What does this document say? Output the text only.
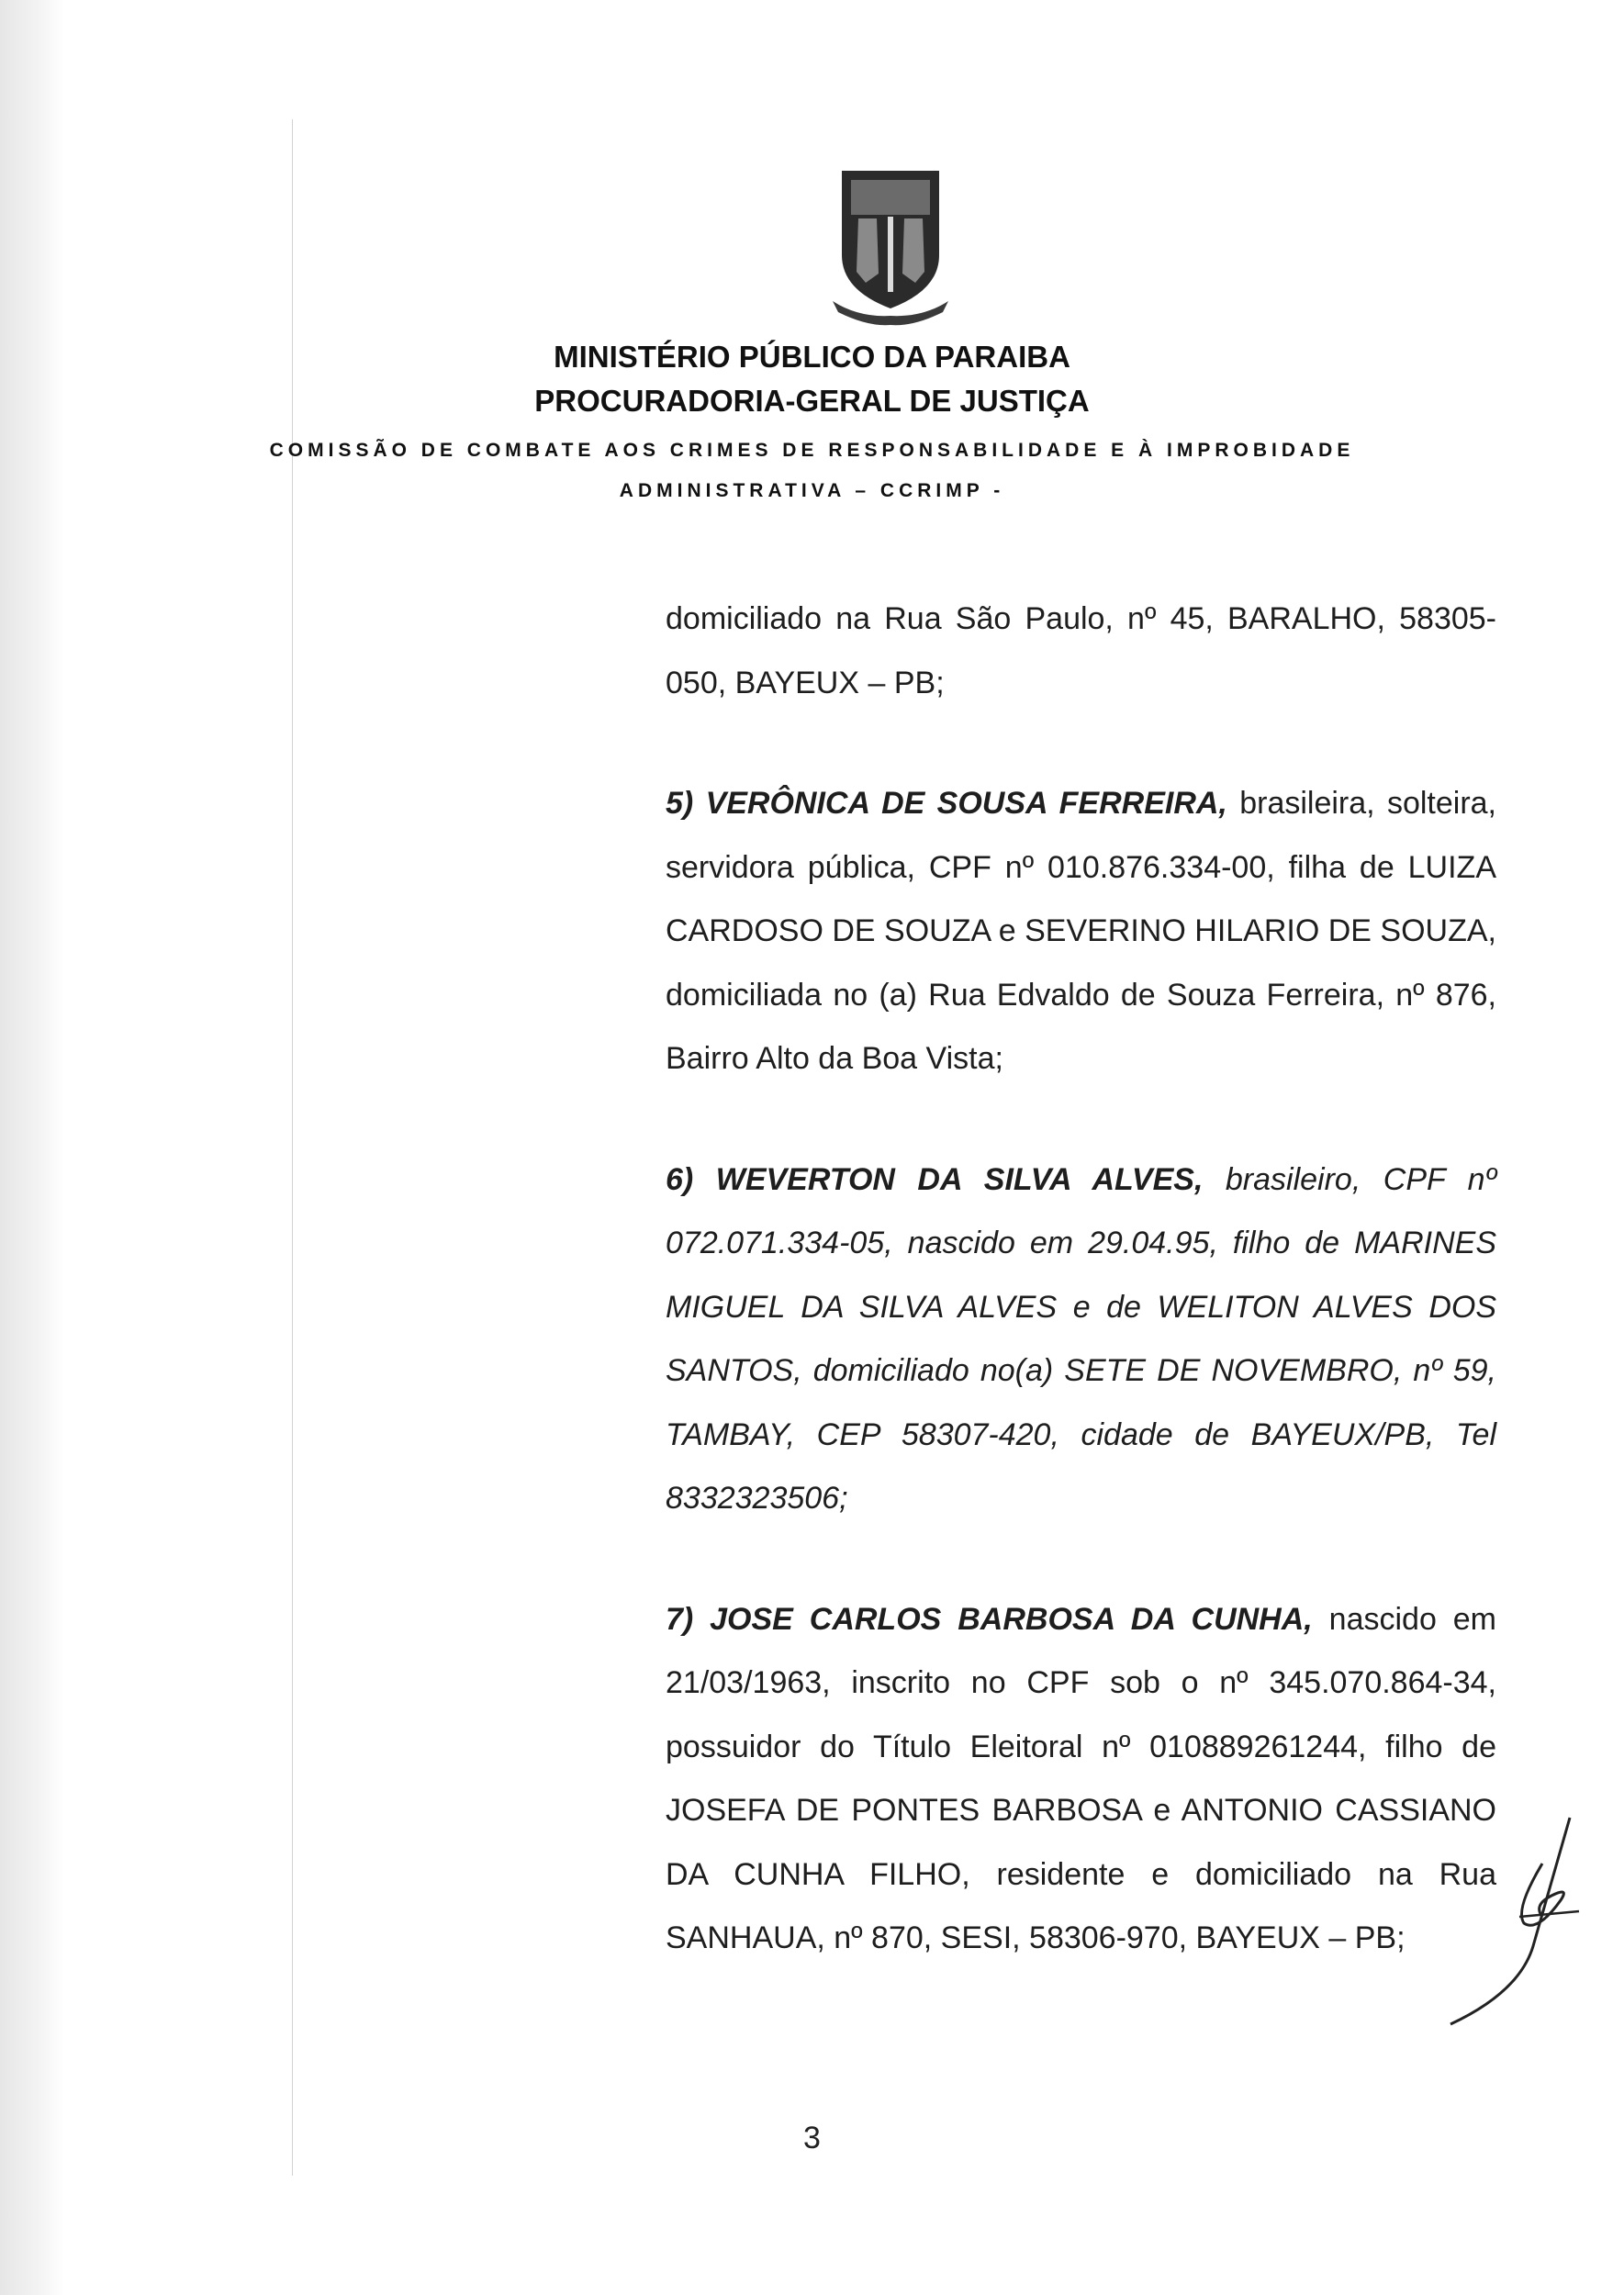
MINISTÉRIO PÚBLICO DA PARAIBA
PROCURADORIA-GERAL DE JUSTIÇA
COMISSÃO DE COMBATE AOS CRIMES DE RESPONSABILIDADE E À IMPROBIDADE
ADMINISTRATIVA – CCRIMP -

domiciliado na Rua São Paulo, nº 45, BARALHO, 58305-050, BAYEUX – PB;

5) VERÔNICA DE SOUSA FERREIRA, brasileira, solteira, servidora pública, CPF nº 010.876.334-00, filha de LUIZA CARDOSO DE SOUZA e SEVERINO HILARIO DE SOUZA, domiciliada no (a) Rua Edvaldo de Souza Ferreira, nº 876, Bairro Alto da Boa Vista;

6) WEVERTON DA SILVA ALVES, brasileiro, CPF nº 072.071.334-05, nascido em 29.04.95, filho de MARINES MIGUEL DA SILVA ALVES e de WELITON ALVES DOS SANTOS, domiciliado no(a) SETE DE NOVEMBRO, nº 59, TAMBAY, CEP 58307-420, cidade de BAYEUX/PB, Tel 8332323506;

7) JOSE CARLOS BARBOSA DA CUNHA, nascido em 21/03/1963, inscrito no CPF sob o nº 345.070.864-34, possuidor do Título Eleitoral nº 010889261244, filho de JOSEFA DE PONTES BARBOSA e ANTONIO CASSIANO DA CUNHA FILHO, residente e domiciliado na Rua SANHAUA, nº 870, SESI, 58306-970, BAYEUX – PB;

3
